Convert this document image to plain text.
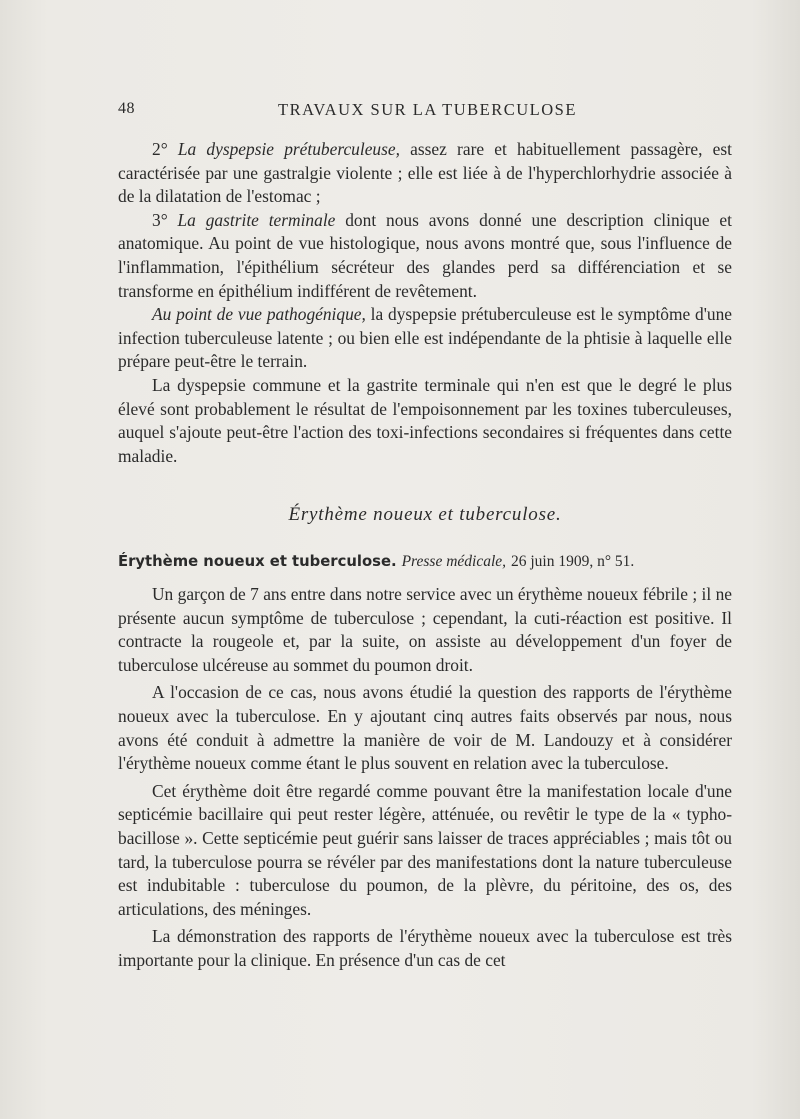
48	TRAVAUX SUR LA TUBERCULOSE

2° La dyspepsie prétuberculeuse, assez rare et habituellement passagère, est caractérisée par une gastralgie violente ; elle est liée à de l'hyperchlorhydrie associée à de la dilatation de l'estomac ;

3° La gastrite terminale dont nous avons donné une description clinique et anatomique. Au point de vue histologique, nous avons montré que, sous l'influence de l'inflammation, l'épithélium sécréteur des glandes perd sa différenciation et se transforme en épithélium indifférent de revêtement.

Au point de vue pathogénique, la dyspepsie prétuberculeuse est le symptôme d'une infection tuberculeuse latente ; ou bien elle est indépendante de la phtisie à laquelle elle prépare peut-être le terrain.

La dyspepsie commune et la gastrite terminale qui n'en est que le degré le plus élevé sont probablement le résultat de l'empoisonnement par les toxines tuberculeuses, auquel s'ajoute peut-être l'action des toxi-infections secondaires si fréquentes dans cette maladie.

Érythème noueux et tuberculose.
Érythème noueux et tuberculose. Presse médicale, 26 juin 1909, n° 51.

Un garçon de 7 ans entre dans notre service avec un érythème noueux fébrile ; il ne présente aucun symptôme de tuberculose ; cependant, la cuti-réaction est positive. Il contracte la rougeole et, par la suite, on assiste au développement d'un foyer de tuberculose ulcéreuse au sommet du poumon droit.

A l'occasion de ce cas, nous avons étudié la question des rapports de l'érythème noueux avec la tuberculose. En y ajoutant cinq autres faits observés par nous, nous avons été conduit à admettre la manière de voir de M. Landouzy et à considérer l'érythème noueux comme étant le plus souvent en relation avec la tuberculose.

Cet érythème doit être regardé comme pouvant être la manifestation locale d'une septicémie bacillaire qui peut rester légère, atténuée, ou revêtir le type de la « typho-bacillose ». Cette septicémie peut guérir sans laisser de traces appréciables ; mais tôt ou tard, la tuberculose pourra se révéler par des manifestations dont la nature tuberculeuse est indubitable : tuberculose du poumon, de la plèvre, du péritoine, des os, des articulations, des méninges.

La démonstration des rapports de l'érythème noueux avec la tuberculose est très importante pour la clinique. En présence d'un cas de cet
